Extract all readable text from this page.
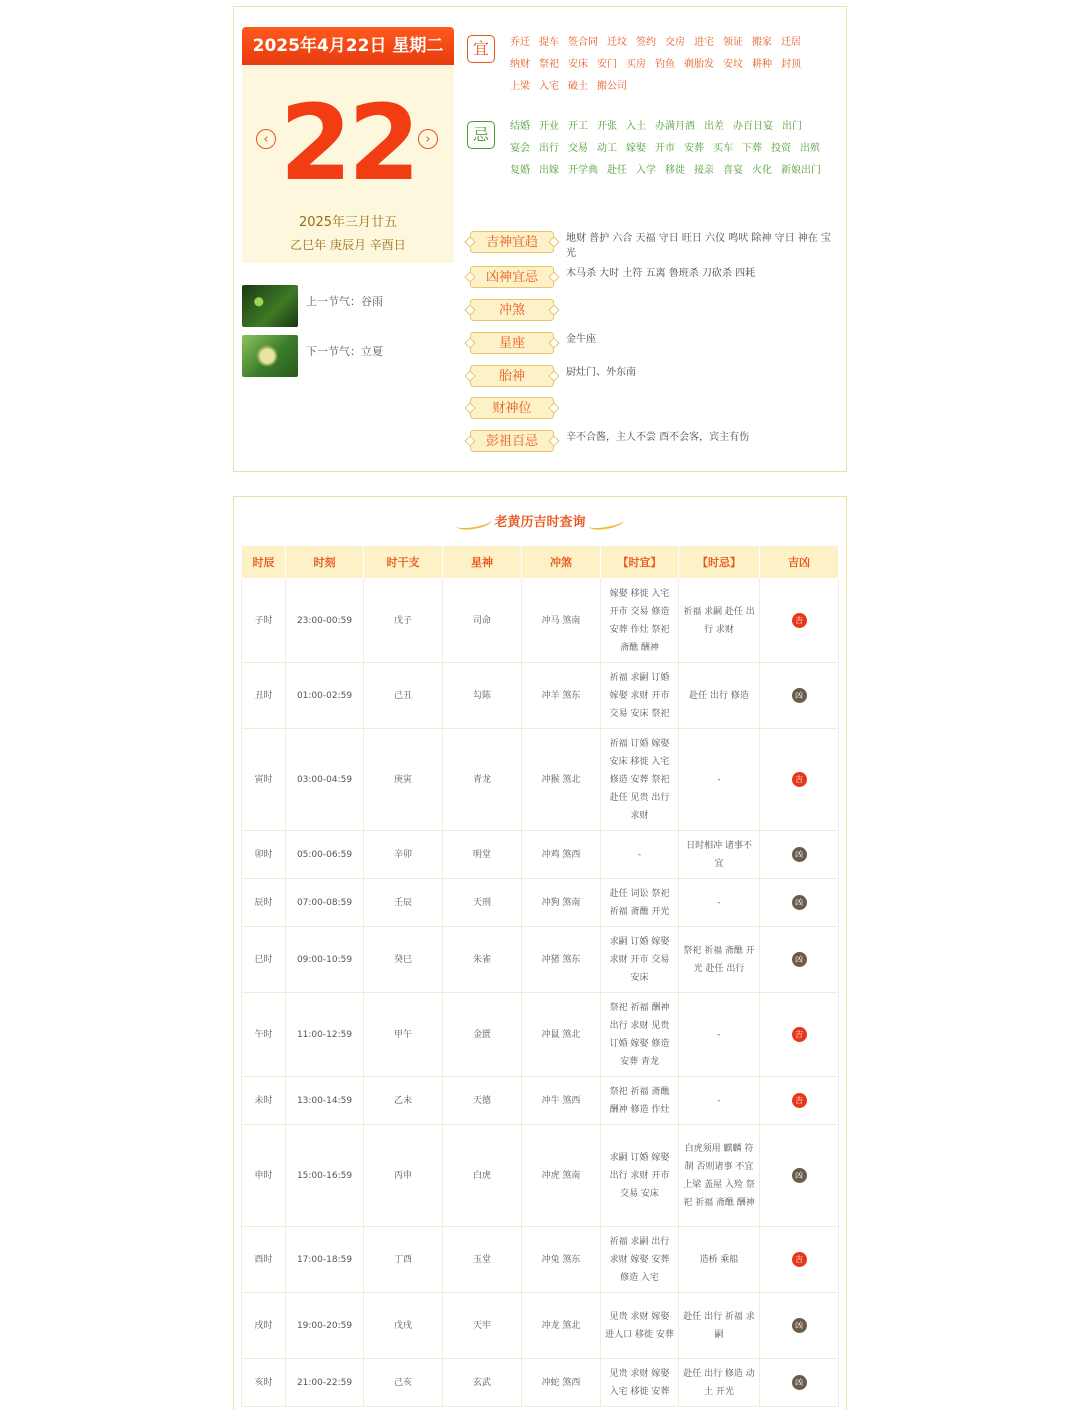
2025年4月22日 星期二
‹ 22 ›
2025年三月廿五
乙巳年 庚辰月 辛酉日
上一节气：谷雨
下一节气：立夏
宜	乔迁 提车 签合同 迁坟 签约 交房 进宅 领证 搬家 迁居纳财 祭祀 安床 安门 买房 钓鱼 剃胎发 安坟 耕种 封顶上梁 入宅 破土 搬公司
忌	结婚 开业 开工 开张 入土 办满月酒 出差 办百日宴 出门宴会 出行 交易 动工 嫁娶 开市 安葬 买车 下葬 投资 出殡复婚 出嫁 开学典 赴任 入学 移徙 接亲 喜宴 火化 新娘出门
吉神宜趋	地财 普护 六合 天福 守日 旺日 六仪 鸣吠 除神 守日 神在 宝光
凶神宜忌	木马杀 大时 土符 五离 鲁班杀 刀砍杀 四耗
冲煞
星座	金牛座
胎神	厨灶门、外东南
财神位
彭祖百忌	辛不合酱，主人不尝 酉不会客，宾主有伤
老黄历吉时查询
时辰	时刻	时干支	星神	冲煞	【时宜】	【时忌】	吉凶
子时	23:00-00:59	戊子	司命	冲马 煞南	嫁娶 移徙 入宅 开市 交易 修造 安葬 作灶 祭祀 斋醮 酬神	祈福 求嗣 赴任 出行 求财	吉
丑时	01:00-02:59	己丑	勾陈	冲羊 煞东	祈福 求嗣 订婚 嫁娶 求财 开市 交易 安床 祭祀	赴任 出行 修造	凶
寅时	03:00-04:59	庚寅	青龙	冲猴 煞北	祈福 订婚 嫁娶 安床 移徙 入宅 修造 安葬 祭祀 赴任 见贵 出行 求财	-	吉
卯时	05:00-06:59	辛卯	明堂	冲鸡 煞西	-	日时相冲 诸事不宜	凶
辰时	07:00-08:59	壬辰	天刑	冲狗 煞南	赴任 词讼 祭祀 祈福 斋醮 开光	-	凶
巳时	09:00-10:59	癸巳	朱雀	冲猪 煞东	求嗣 订婚 嫁娶 求财 开市 交易 安床	祭祀 祈福 斋醮 开光 赴任 出行	凶
午时	11:00-12:59	甲午	金匮	冲鼠 煞北	祭祀 祈福 酬神 出行 求财 见贵 订婚 嫁娶 修造 安葬 青龙	-	吉
未时	13:00-14:59	乙未	天德	冲牛 煞西	祭祀 祈福 斋醮 酬神 修造 作灶	-	吉
申时	15:00-16:59	丙申	白虎	冲虎 煞南	求嗣 订婚 嫁娶 出行 求财 开市 交易 安床	白虎须用 麒麟 符制 否则诸事 不宜 上梁 盖屋 入殓 祭祀 祈福 斋醮 酬神	凶
酉时	17:00-18:59	丁酉	玉堂	冲兔 煞东	祈福 求嗣 出行 求财 嫁娶 安葬 修造 入宅	造桥 乘船	吉
戌时	19:00-20:59	戊戌	天牢	冲龙 煞北	见贵 求财 嫁娶 进人口 移徙 安葬	赴任 出行 祈福 求嗣	凶
亥时	21:00-22:59	己亥	玄武	冲蛇 煞西	见贵 求财 嫁娶 入宅 移徙 安葬	赴任 出行 修造 动土 开光	凶
